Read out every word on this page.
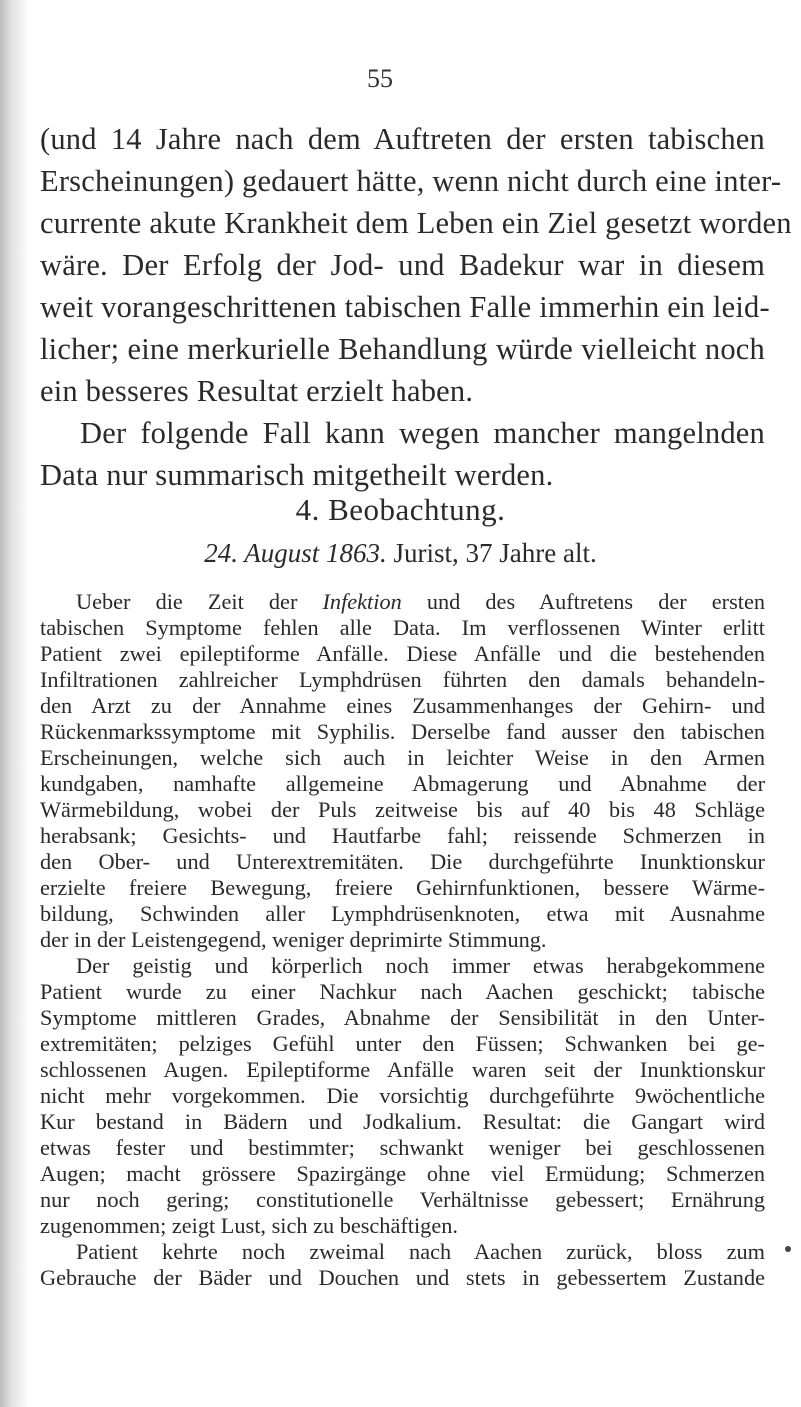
55
(und 14 Jahre nach dem Auftreten der ersten tabischen
Erscheinungen) gedauert hätte, wenn nicht durch eine inter-
currente akute Krankheit dem Leben ein Ziel gesetzt worden
wäre. Der Erfolg der Jod- und Badekur war in diesem
weit vorangeschrittenen tabischen Falle immerhin ein leid-
licher; eine merkurielle Behandlung würde vielleicht noch
ein besseres Resultat erzielt haben.
Der folgende Fall kann wegen mancher mangelnden
Data nur summarisch mitgetheilt werden.
4. Beobachtung.
24. August 1863. Jurist, 37 Jahre alt.
Ueber die Zeit der Infektion und des Auftretens der ersten
tabischen Symptome fehlen alle Data. Im verflossenen Winter erlitt
Patient zwei epileptiforme Anfälle. Diese Anfälle und die bestehenden
Infiltrationen zahlreicher Lymphdrüsen führten den damals behandeln-
den Arzt zu der Annahme eines Zusammenhanges der Gehirn- und
Rückenmarkssymptome mit Syphilis. Derselbe fand ausser den tabischen
Erscheinungen, welche sich auch in leichter Weise in den Armen
kundgaben, namhafte allgemeine Abmagerung und Abnahme der
Wärmebildung, wobei der Puls zeitweise bis auf 40 bis 48 Schläge
herabsank; Gesichts- und Hautfarbe fahl; reissende Schmerzen in
den Ober- und Unterextremitäten. Die durchgeführte Inunktionskur
erzielte freiere Bewegung, freiere Gehirnfunktionen, bessere Wärme-
bildung, Schwinden aller Lymphdrüsenknoten, etwa mit Ausnahme
der in der Leistengegend, weniger deprimirte Stimmung.
Der geistig und körperlich noch immer etwas herabgekommene
Patient wurde zu einer Nachkur nach Aachen geschickt; tabische
Symptome mittleren Grades, Abnahme der Sensibilität in den Unter-
extremitäten; pelziges Gefühl unter den Füssen; Schwanken bei ge-
schlossenen Augen. Epileptiforme Anfälle waren seit der Inunktionskur
nicht mehr vorgekommen. Die vorsichtig durchgeführte 9wöchentliche
Kur bestand in Bädern und Jodkalium. Resultat: die Gangart wird
etwas fester und bestimmter; schwankt weniger bei geschlossenen
Augen; macht grössere Spazirgänge ohne viel Ermüdung; Schmerzen
nur noch gering; constitutionelle Verhältnisse gebessert; Ernährung
zugenommen; zeigt Lust, sich zu beschäftigen.
Patient kehrte noch zweimal nach Aachen zurück, bloss zum
Gebrauche der Bäder und Douchen und stets in gebessertem Zustande
